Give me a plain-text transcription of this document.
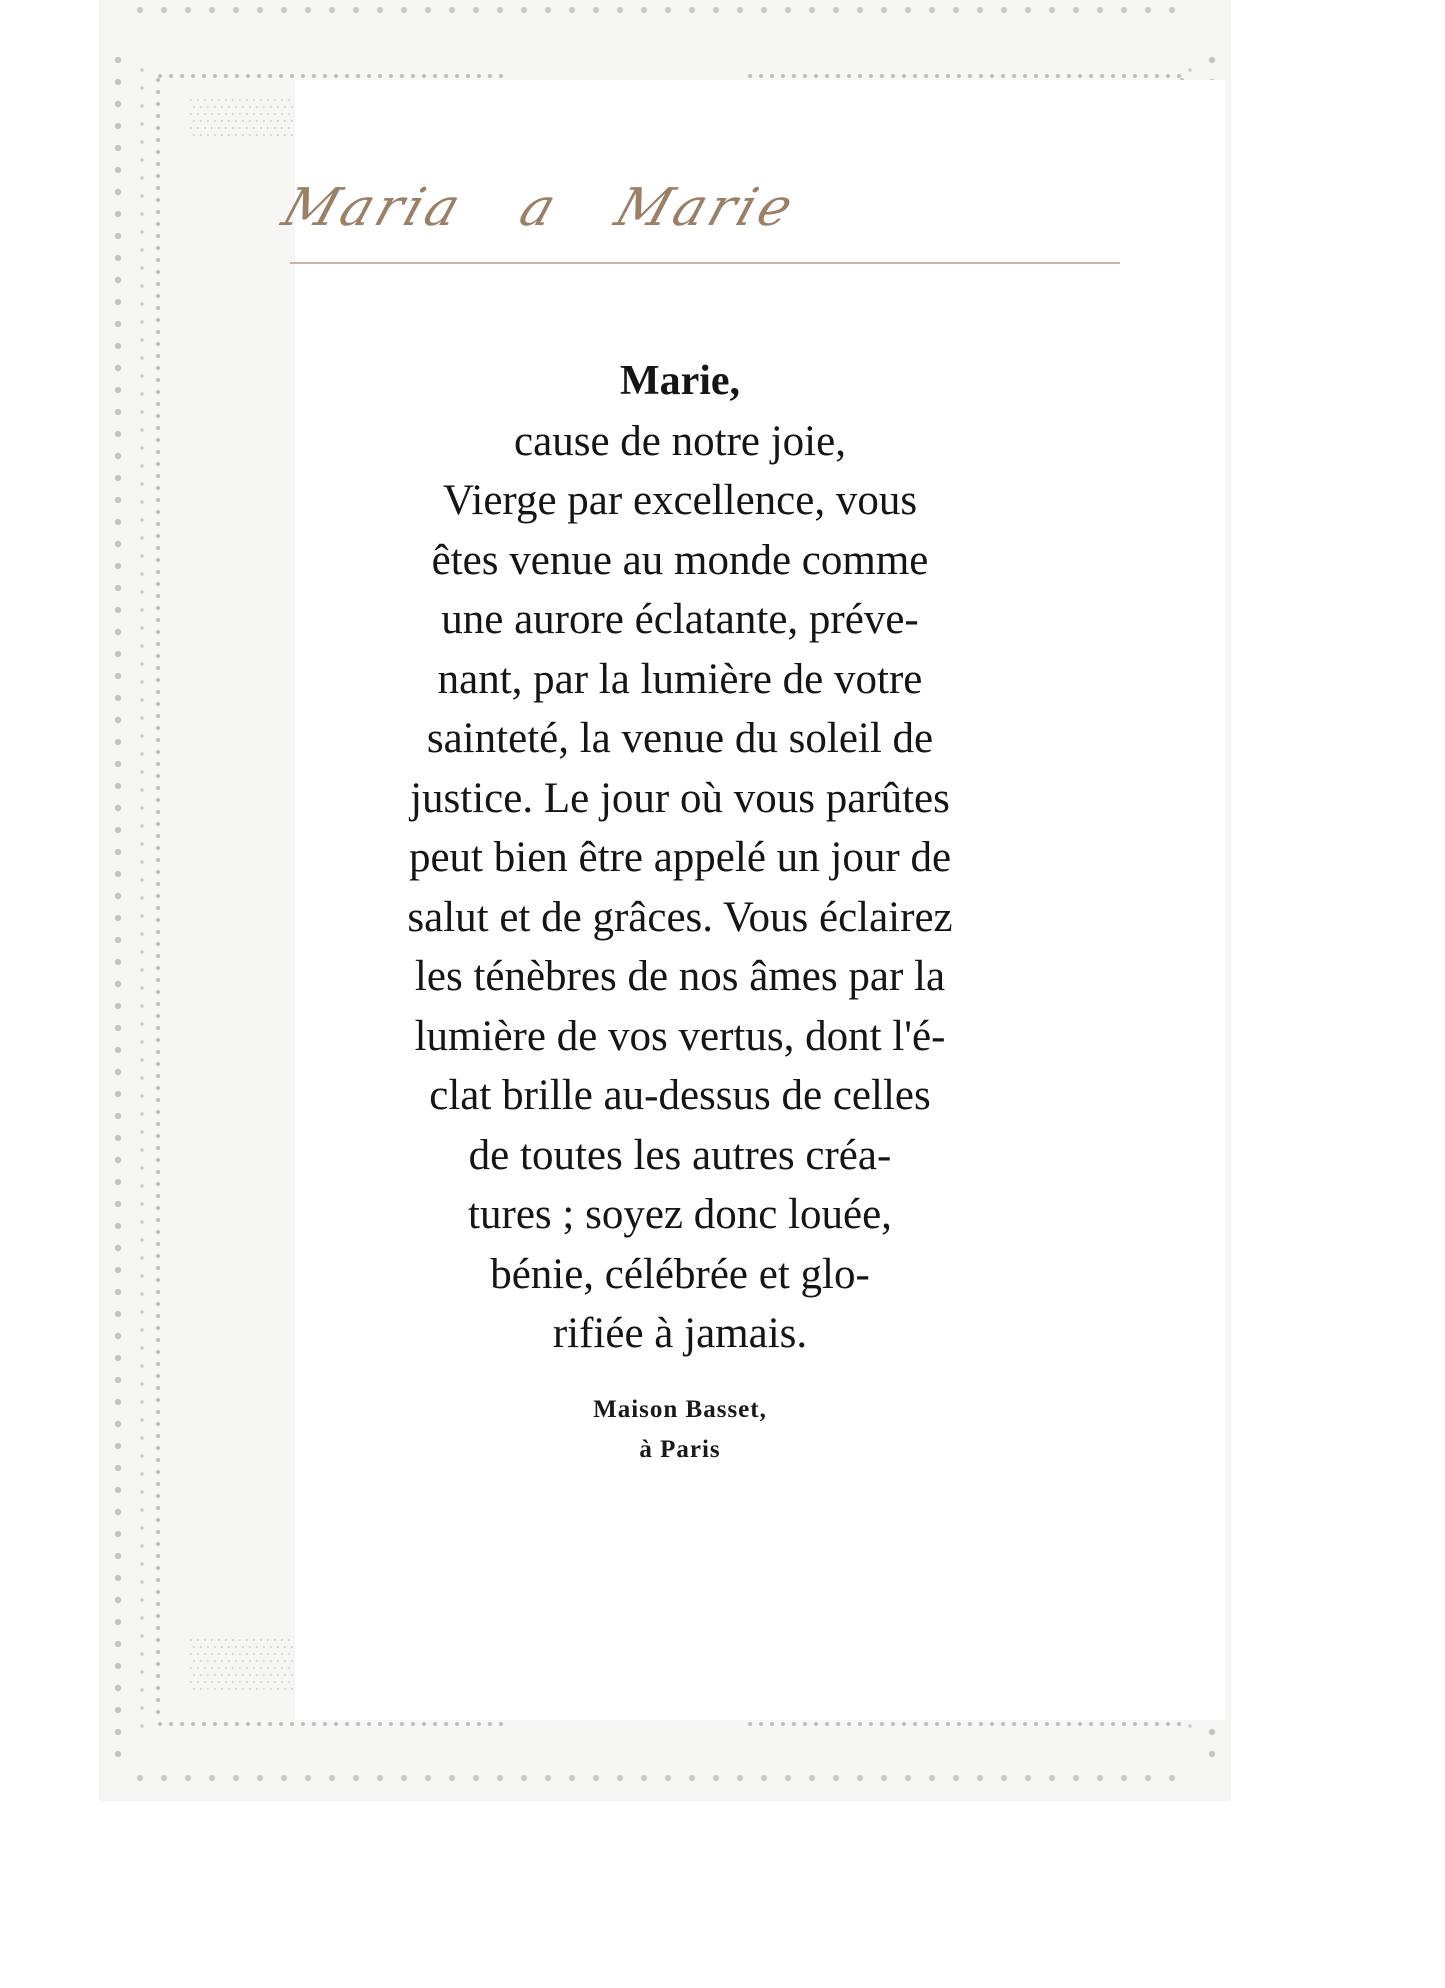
Maria a Marie
Marie,
cause de notre joie,
Vierge par excellence, vous
êtes venue au monde comme
une aurore éclatante, préve-
nant, par la lumière de votre
sainteté, la venue du soleil de
justice. Le jour où vous parûtes
peut bien être appelé un jour de
salut et de grâces. Vous éclairez
les ténèbres de nos âmes par la
lumière de vos vertus, dont l'é-
clat brille au-dessus de celles
de toutes les autres créa-
tures ; soyez donc louée,
bénie, célébrée et glo-
rifiée à jamais.
Maison Basset,
à Paris
